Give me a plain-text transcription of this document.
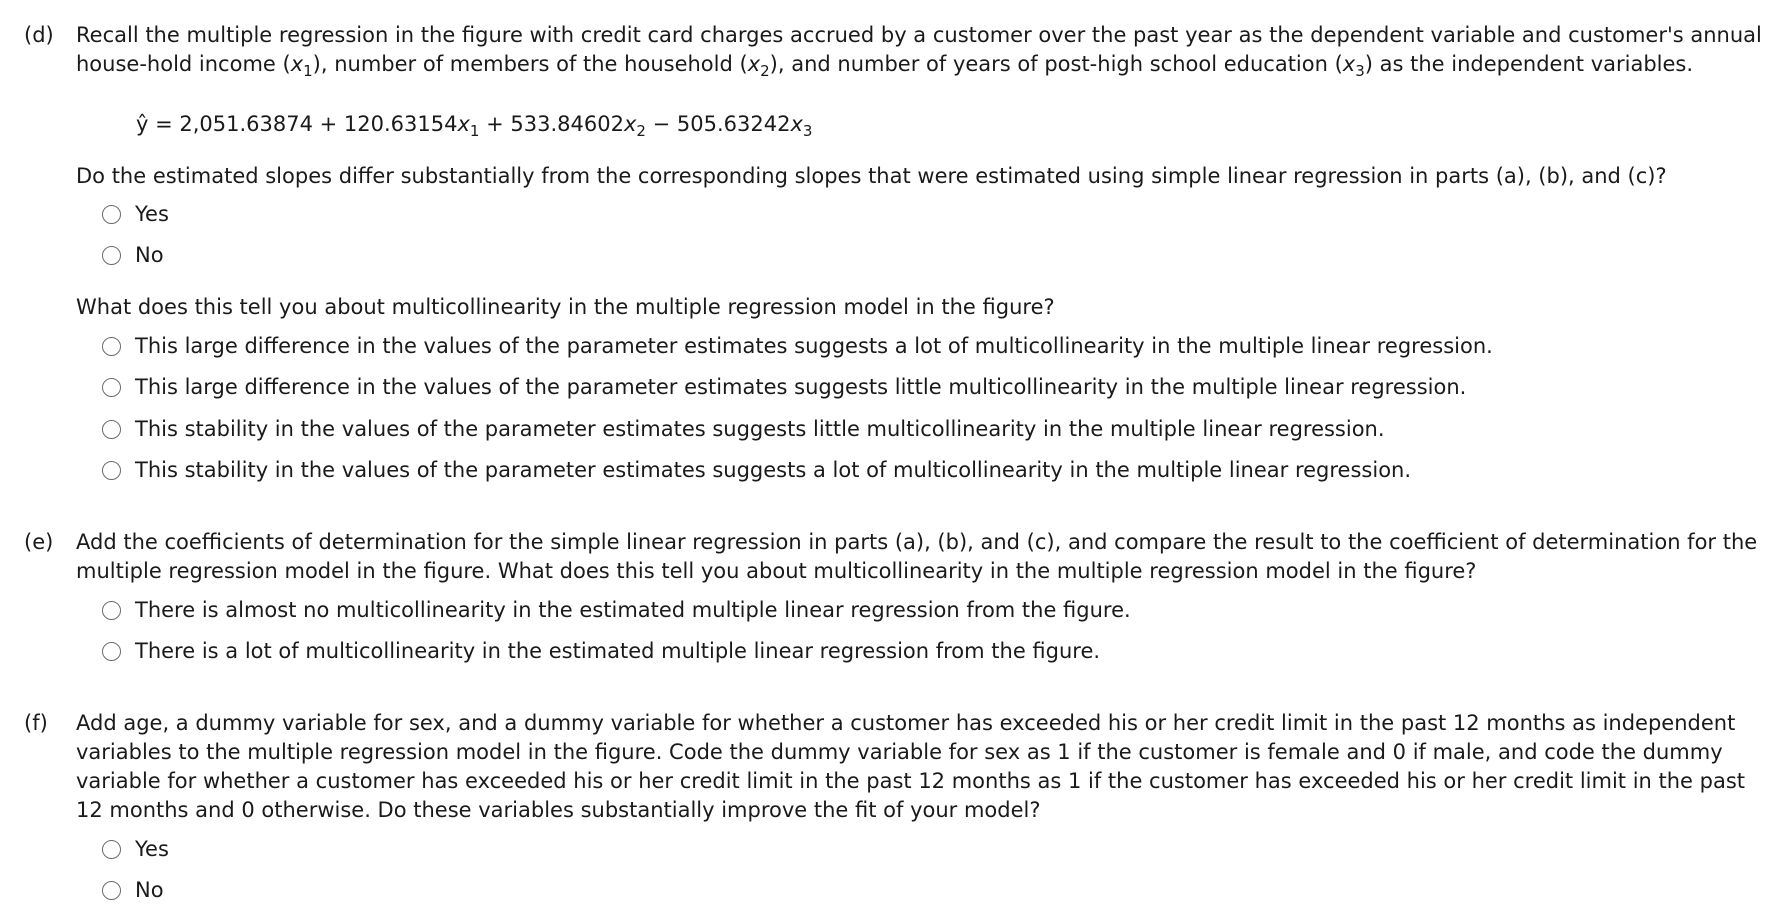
(d) Recall the multiple regression in the figure with credit card charges accrued by a customer over the past year as the dependent variable and customer's annual

house-hold income $(x_1)$, number of members of the household $(x_2)$, and number of years of post-high school education $(x_3)$ as the independent variables.

ŷ = $2,051.63874 + 120.63154x_1 + 533.84602x_2 - 505.63242x_3$
Do the estimated slopes differ substantially from the corresponding slopes that were estimated using simple linear regression in parts (a), (b), and (c)?
Yes
No
What does this tell you about multicollinearity in the multiple regression model in the figure?
This large difference in the values of the parameter estimates suggests a lot of multicollinearity in the multiple linear regression.
This large difference in the values of the parameter estimates suggests little multicollinearity in the multiple linear regression.
This stability in the values of the parameter estimates suggests little multicollinearity in the multiple linear regression.
This stability in the values of the parameter estimates suggests a lot of multicollinearity in the multiple linear regression.
(e) Add the coefficients of determination for the simple linear regression in parts (a), (b), and (c), and compare the result to the coefficient of determination for the

multiple regression model in the figure. What does this tell you about multicollinearity in the multiple regression model in the figure?

There is almost no multicollinearity in the estimated multiple linear regression from the figure.
There is a lot of multicollinearity in the estimated multiple linear regression from the figure.
(f) Add age, a dummy variable for sex, and a dummy variable for whether a customer has exceeded his or her credit limit in the past 12 months as independent

variables to the multiple regression model in the figure. Code the dummy variable for sex as 1 if the customer is female and 0 if male, and code the dummy

variable for whether a customer has exceeded his or her credit limit in the past 12 months as 1 if the customer has exceeded his or her credit limit in the past

12 months and 0 otherwise. Do these variables substantially improve the fit of your model?

Yes
No
